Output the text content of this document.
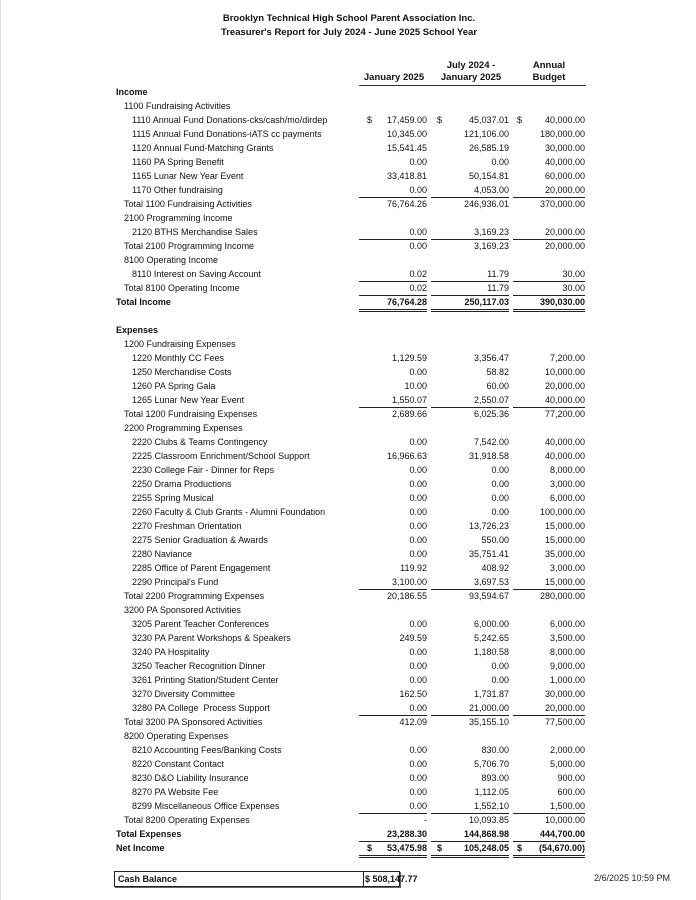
Brooklyn Technical High School Parent Association Inc.
Treasurer's Report for July 2024 - June 2025 School Year
January 2025
July 2024 -
January 2025
Annual
Budget
Income
1100 Fundraising Activities
1110 Annual Fund Donations-cks/cash/mo/dirdep	$ 17,459.00 $	45,037.01 $	40,000.00
1115 Annual Fund Donations-iATS cc payments	10,345.00	121,106.00	180,000.00
1120 Annual Fund-Matching Grants	15,541.45	26,585.19	30,000.00
1160 PA Spring Benefit	0.00	0.00	40,000.00
1165 Lunar New Year Event	33,418.81	50,154.81	60,000.00
1170 Other fundraising	0.00	4,053.00	20,000.00
Total 1100 Fundraising Activities	76,764.26	246,936.01	370,000.00
2100 Programming Income
2120 BTHS Merchandise Sales	0.00	3,169.23	20,000.00
Total 2100 Programming Income	0.00	3,169.23	20,000.00
8100 Operating Income
8110 Interest on Saving Account	0.02	11.79	30.00
Total 8100 Operating Income	0.02	11.79	30.00
Total Income	76,764.28	250,117.03	390,030.00
Expenses
1200 Fundraising Expenses
1220 Monthly CC Fees	1,129.59	3,356.47	7,200.00
1250 Merchandise Costs	0.00	58.82	10,000.00
1260 PA Spring Gala	10.00	60.00	20,000.00
1265 Lunar New Year Event	1,550.07	2,550.07	40,000.00
Total 1200 Fundraising Expenses	2,689.66	6,025.36	77,200.00
2200 Programming Expenses
2220 Clubs & Teams Contingency	0.00	7,542.00	40,000.00
2225 Classroom Enrichment/School Support	16,966.63	31,918.58	40,000.00
2230 College Fair - Dinner for Reps	0.00	0.00	8,000.00
2250 Drama Productions	0.00	0.00	3,000.00
2255 Spring Musical	0.00	0.00	6,000.00
2260 Faculty & Club Grants - Alumni Foundation	0.00	0.00	100,000.00
2270 Freshman Orientation	0.00	13,726.23	15,000.00
2275 Senior Graduation & Awards	0.00	550.00	15,000.00
2280 Naviance	0.00	35,751.41	35,000.00
2285 Office of Parent Engagement	119.92	408.92	3,000.00
2290 Principal's Fund	3,100.00	3,697.53	15,000.00
Total 2200 Programming Expenses	20,186.55	93,594.67	280,000.00
3200 PA Sponsored Activities
3205 Parent Teacher Conferences	0.00	6,000.00	6,000.00
3230 PA Parent Workshops & Speakers	249.59	5,242.65	3,500.00
3240 PA Hospitality	0.00	1,180.58	8,000.00
3250 Teacher Recognition Dinner	0.00	0.00	9,000.00
3261 Printing Station/Student Center	0.00	0.00	1,000.00
3270 Diversity Committee	162.50	1,731.87	30,000.00
3280 PA College  Process Support	0.00	21,000.00	20,000.00
Total 3200 PA Sponsored Activities	412.09	35,155.10	77,500.00
8200 Operating Expenses
8210 Accounting Fees/Banking Costs	0.00	830.00	2,000.00
8220 Constant Contact	0.00	5,706.70	5,000.00
8230 D&O Liability Insurance	0.00	893.00	900.00
8270 PA Website Fee	0.00	1,112.05	600.00
8299 Miscellaneous Office Expenses	0.00	1,552.10	1,500.00
Total 8200 Operating Expenses	-	10,093.85	10,000.00
Total Expenses	23,288.30	144,868.98	444,700.00
Net Income	$ 53,475.98 $ 105,248.05 $ (54,670.00)
Cash Balance	$ 508,147.77	2/6/2025 10:59 PM
